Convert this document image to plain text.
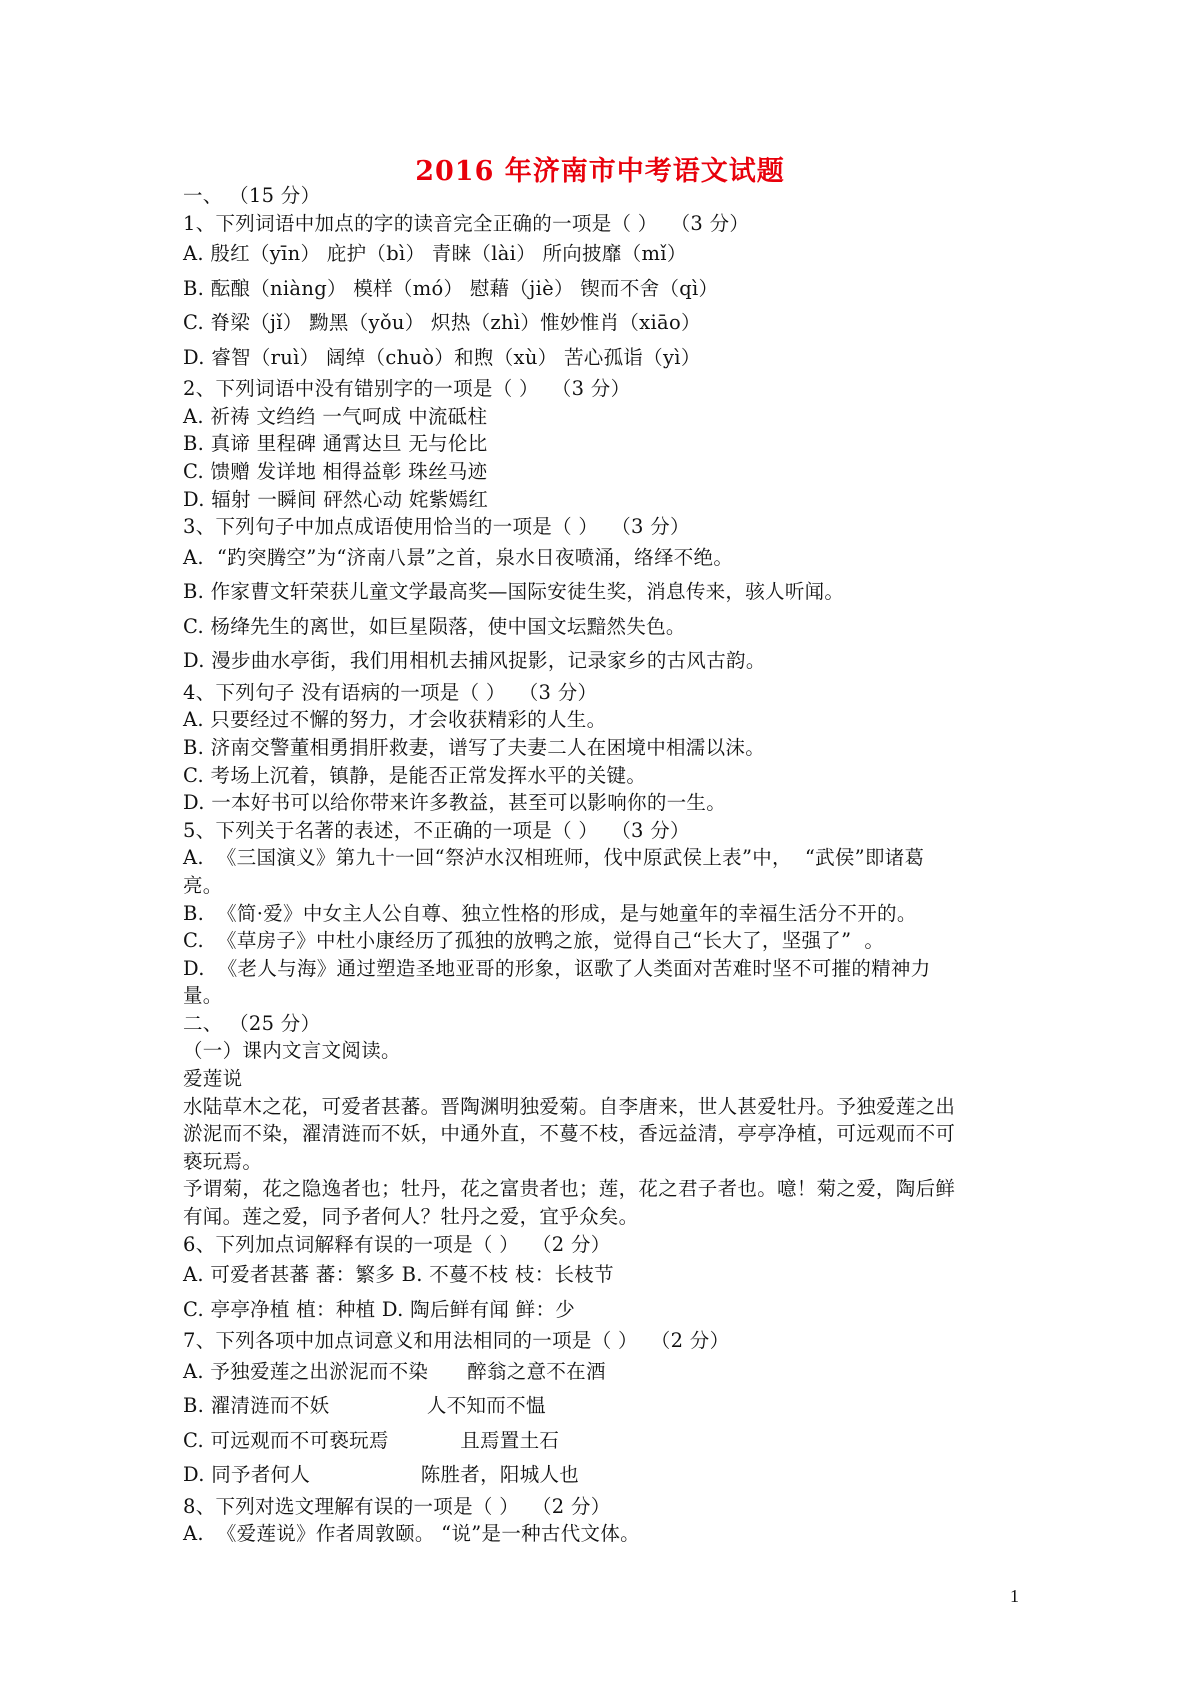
2016 年济南市中考语文试题
一、 （15 分）
1、下列词语中加点的字的读音完全正确的一项是（ ）  （3 分）
A. 殷红（yīn） 庇护（bì） 青睐（lài） 所向披靡（mǐ）
B. 酝酿（niàng） 模样（mó） 慰藉（jiè） 锲而不舍（qì）
C. 脊梁（jǐ） 黝黑（yǒu） 炽热（zhì）惟妙惟肖（xiāo）
D. 睿智（ruì） 阔绰（chuò）和煦（xù） 苦心孤诣（yì）
2、下列词语中没有错别字的一项是（ ）  （3 分）
A. 祈祷 文绉绉 一气呵成 中流砥柱
B. 真谛 里程碑 通霄达旦 无与伦比
C. 馈赠 发详地 相得益彰 珠丝马迹
D. 辐射 一瞬间 砰然心动 姹紫嫣红
3、下列句子中加点成语使用恰当的一项是（ ）  （3 分）
A.  “趵突腾空”为“济南八景”之首，泉水日夜喷涌，络绎不绝。
B. 作家曹文轩荣获儿童文学最高奖—国际安徒生奖，消息传来，骇人听闻。
C. 杨绛先生的离世，如巨星陨落，使中国文坛黯然失色。
D. 漫步曲水亭街，我们用相机去捕风捉影，记录家乡的古风古韵。
4、下列句子 没有语病的一项是（ ）  （3 分）
A. 只要经过不懈的努力，才会收获精彩的人生。
B. 济南交警董相勇捐肝救妻，谱写了夫妻二人在困境中相濡以沫。
C. 考场上沉着，镇静，是能否正常发挥水平的关键。
D. 一本好书可以给你带来许多教益，甚至可以影响你的一生。
5、下列关于名著的表述，不正确的一项是（ ）  （3 分）
A.  《三国演义》第九十一回“祭泸水汉相班师，伐中原武侯上表”中，  “武侯”即诸葛
亮。
B.  《简·爱》中女主人公自尊、独立性格的形成，是与她童年的幸福生活分不开的。
C.  《草房子》中杜小康经历了孤独的放鸭之旅，觉得自己“长大了，坚强了”  。
D.  《老人与海》通过塑造圣地亚哥的形象，讴歌了人类面对苦难时坚不可摧的精神力
量。
二、 （25 分）
（一）课内文言文阅读。
爱莲说
水陆草木之花，可爱者甚蕃。晋陶渊明独爱菊。自李唐来，世人甚爱牡丹。予独爱莲之出
淤泥而不染，濯清涟而不妖，中通外直，不蔓不枝，香远益清，亭亭净植，可远观而不可
亵玩焉。
予谓菊，花之隐逸者也；牡丹，花之富贵者也；莲，花之君子者也。噫！菊之爱，陶后鲜
有闻。莲之爱，同予者何人？牡丹之爱，宜乎众矣。
6、下列加点词解释有误的一项是（ ）  （2 分）
A. 可爱者甚蕃 蕃：繁多 B. 不蔓不枝 枝：长枝节
C. 亭亭净植 植：种植 D. 陶后鲜有闻 鲜：少
7、下列各项中加点词意义和用法相同的一项是（ ）  （2 分）
A. 予独爱莲之出淤泥而不染      醉翁之意不在酒
B. 濯清涟而不妖               人不知而不愠
C. 可远观而不可亵玩焉           且焉置土石
D. 同予者何人                 陈胜者，阳城人也
8、下列对选文理解有误的一项是（ ）  （2 分）
A.  《爱莲说》作者周敦颐。 “说”是一种古代文体。
1
